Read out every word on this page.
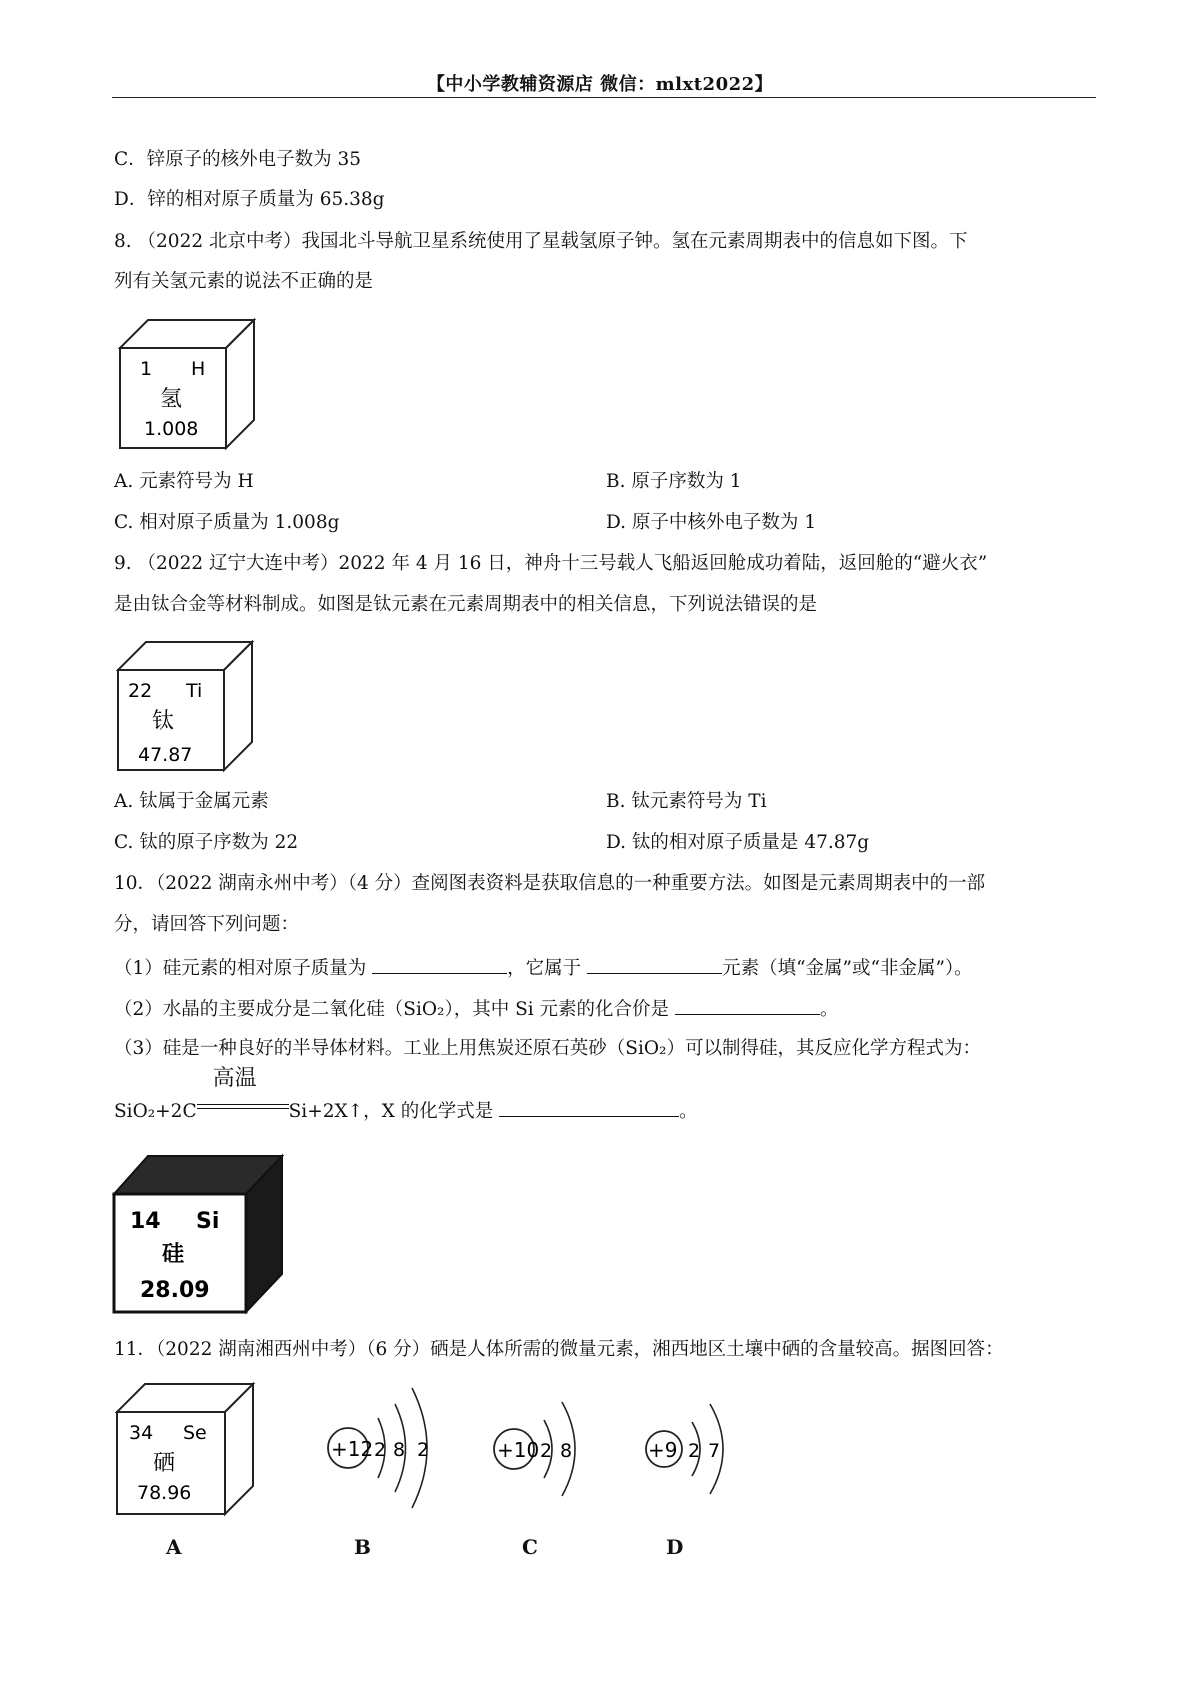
【中小学教辅资源店 微信：mlxt2022】
C．锌原子的核外电子数为 35
D．锌的相对原子质量为 65.38g
8. （2022 北京中考）我国北斗导航卫星系统使用了星载氢原子钟。氢在元素周期表中的信息如下图。下
列有关氢元素的说法不正确的是
1 H
氢
1.008
A. 元素符号为 H	B. 原子序数为 1
C. 相对原子质量为 1.008g	D. 原子中核外电子数为 1
9. （2022 辽宁大连中考）2022 年 4 月 16 日，神舟十三号载人飞船返回舱成功着陆，返回舱的“避火衣”
是由钛合金等材料制成。如图是钛元素在元素周期表中的相关信息，下列说法错误的是
22 Ti
钛
47.87
A. 钛属于金属元素	B. 钛元素符号为 Ti
C. 钛的原子序数为 22	D. 钛的相对原子质量是 47.87g
10．（2022 湖南永州中考）（4 分）查阅图表资料是获取信息的一种重要方法。如图是元素周期表中的一部
分，请回答下列问题：
（1）硅元素的相对原子质量为	，它属于	元素（填“金属”或“非金属”）。
（2）水晶的主要成分是二氧化硅（SiO₂），其中 Si 元素的化合价是	。
（3）硅是一种良好的半导体材料。工业上用焦炭还原石英砂（SiO₂）可以制得硅，其反应化学方程式为：
SiO₂+2C
高温
Si+2X↑，X 的化学式是	。
14 Si
硅
28.09
11．（2022 湖南湘西州中考）（6 分）硒是人体所需的微量元素，湘西地区土壤中硒的含量较高。据图回答：
34 Se
硒
78.96
+12 2 8 2	+10 2 8	+9 2 7
A	B	C	D
